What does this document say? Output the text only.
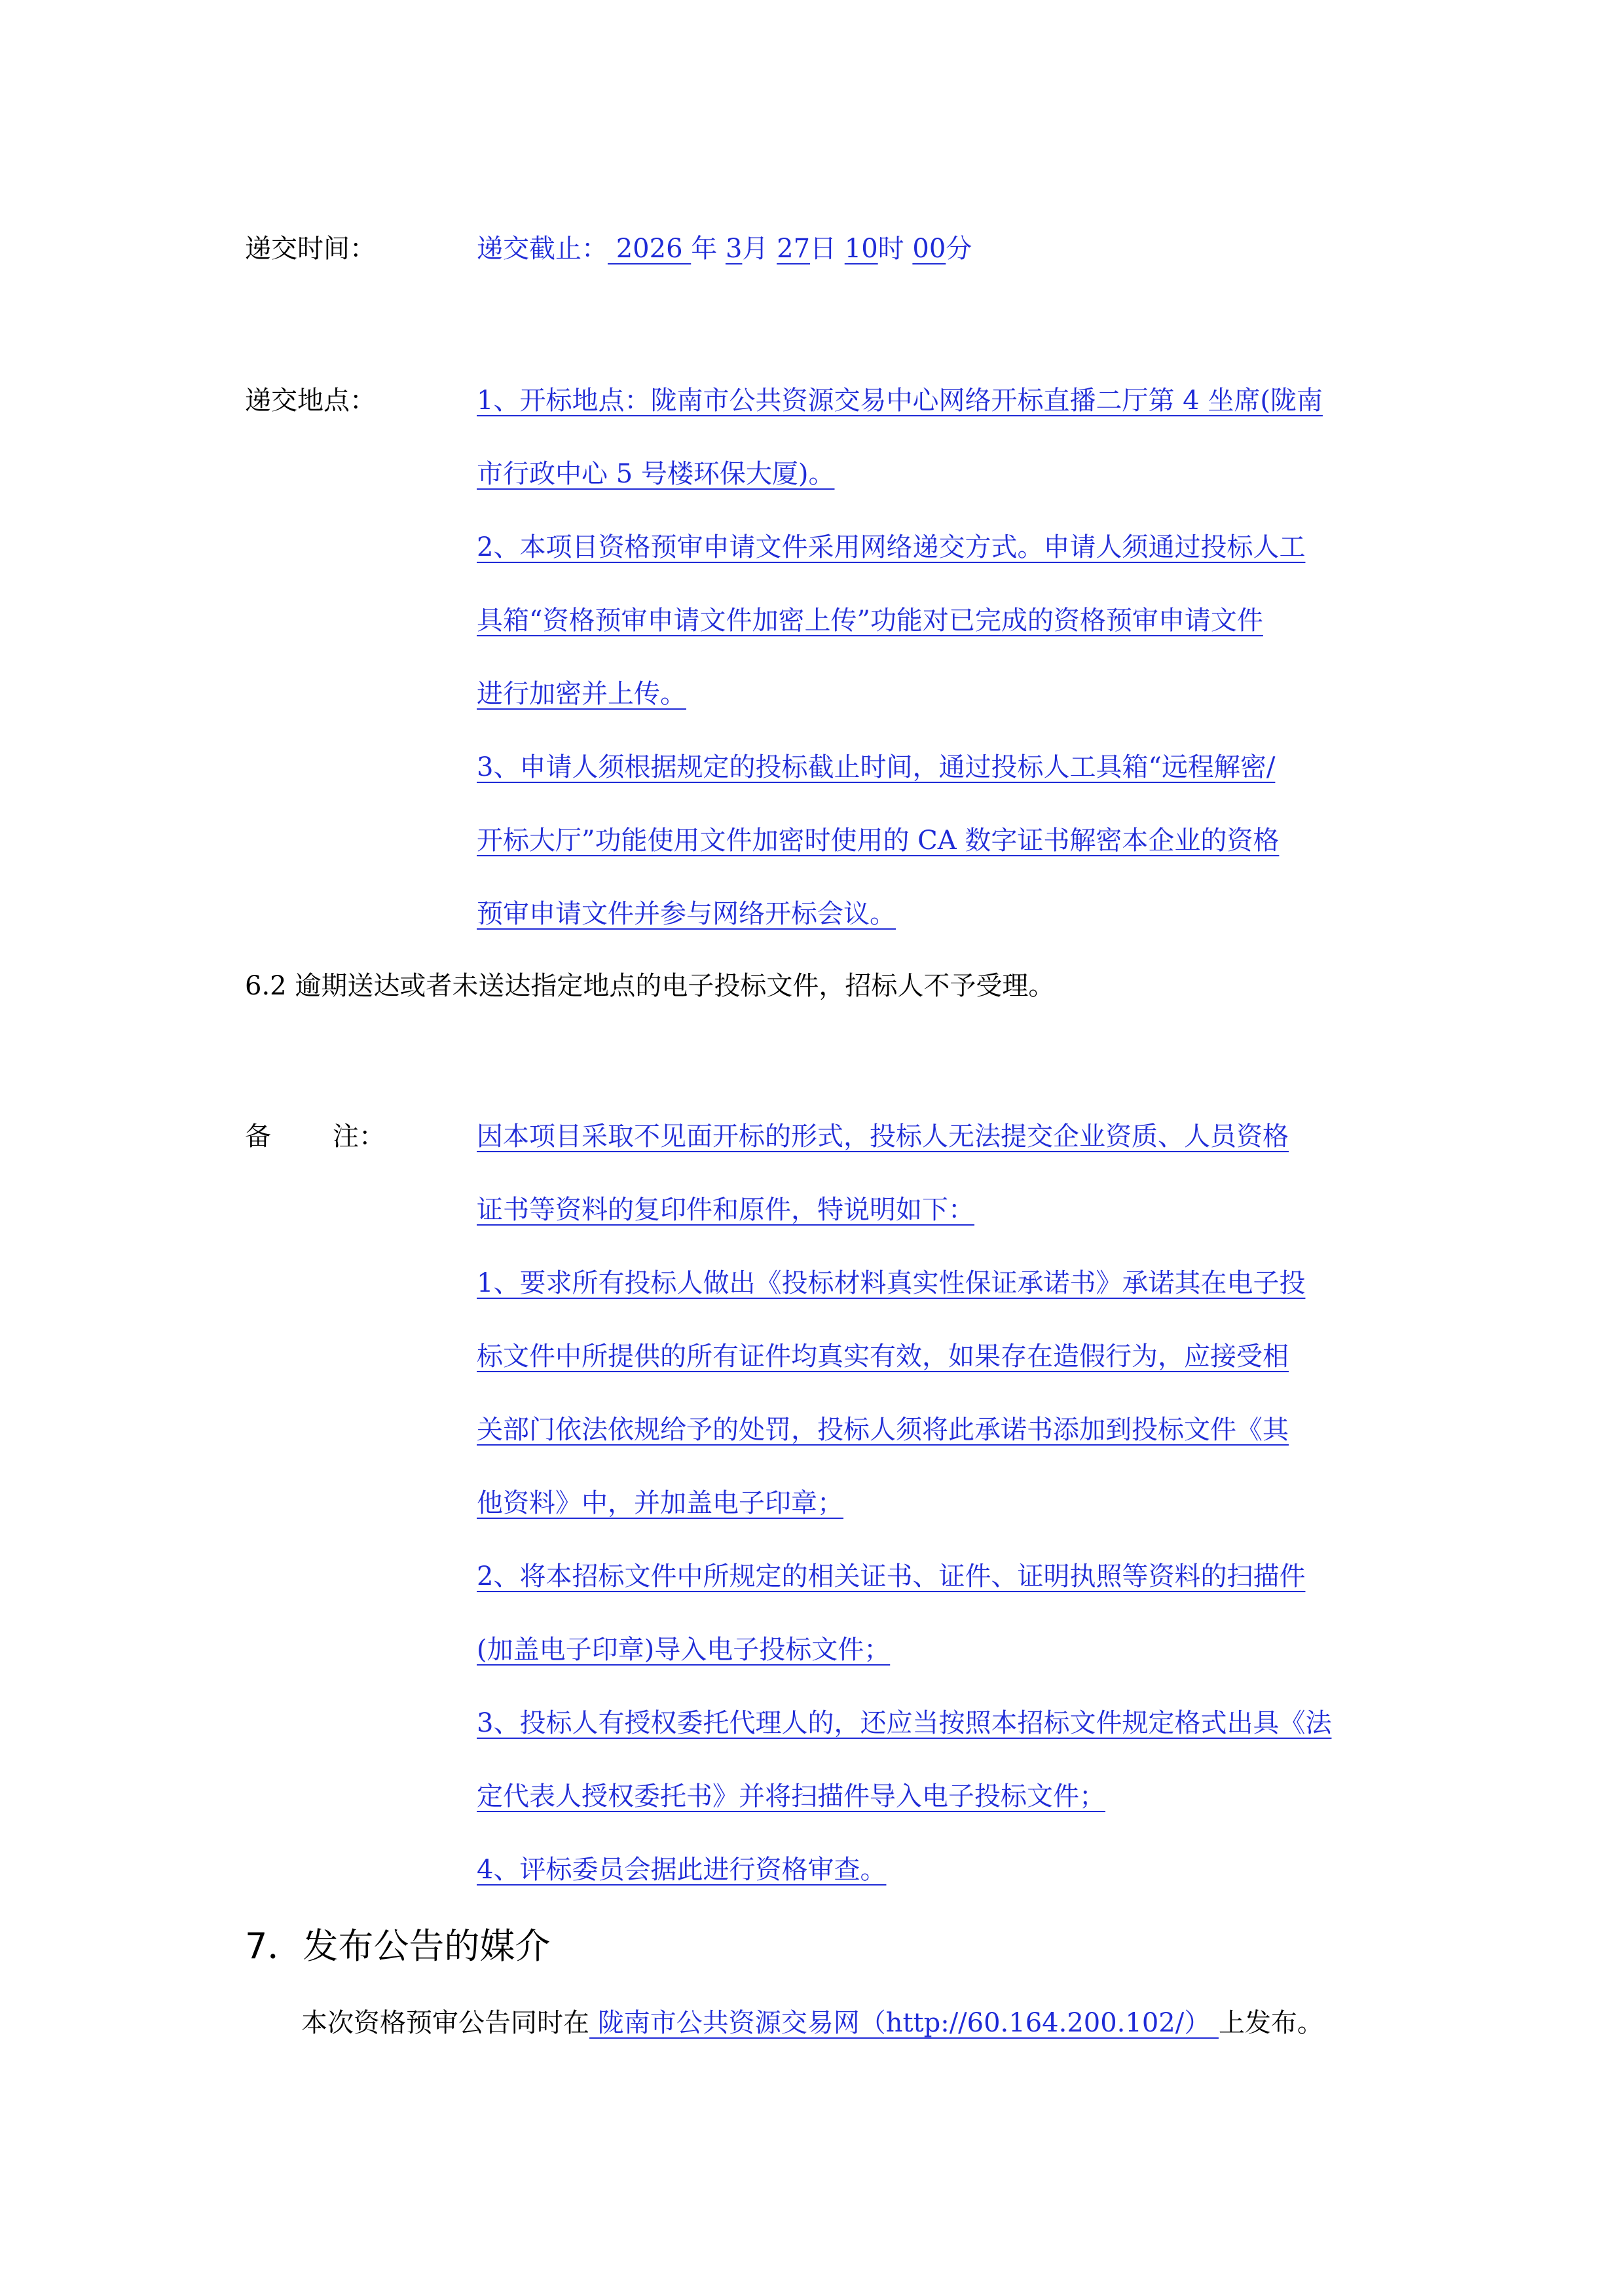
递交时间：	递交截止： 2026 年 3月 27日 10时 00分
递交地点：	1、开标地点：陇南市公共资源交易中心网络开标直播二厅第 4 坐席(陇南
市行政中心 5 号楼环保大厦)。
2、本项目资格预审申请文件采用网络递交方式。申请人须通过投标人工
具箱“资格预审申请文件加密上传”功能对已完成的资格预审申请文件
进行加密并上传。
3、申请人须根据规定的投标截止时间，通过投标人工具箱“远程解密/
开标大厅”功能使用文件加密时使用的 CA 数字证书解密本企业的资格
预审申请文件并参与网络开标会议。
6.2 逾期送达或者未送达指定地点的电子投标文件，招标人不予受理。
备 注：	因本项目采取不见面开标的形式，投标人无法提交企业资质、人员资格
证书等资料的复印件和原件，特说明如下：
1、要求所有投标人做出《投标材料真实性保证承诺书》承诺其在电子投
标文件中所提供的所有证件均真实有效，如果存在造假行为，应接受相
关部门依法依规给予的处罚，投标人须将此承诺书添加到投标文件《其
他资料》中，并加盖电子印章；
2、将本招标文件中所规定的相关证书、证件、证明执照等资料的扫描件
(加盖电子印章)导入电子投标文件；
3、投标人有授权委托代理人的，还应当按照本招标文件规定格式出具《法
定代表人授权委托书》并将扫描件导入电子投标文件；
4、评标委员会据此进行资格审查。
7．发布公告的媒介
本次资格预审公告同时在 陇南市公共资源交易网（http://60.164.200.102/） 上发布。
